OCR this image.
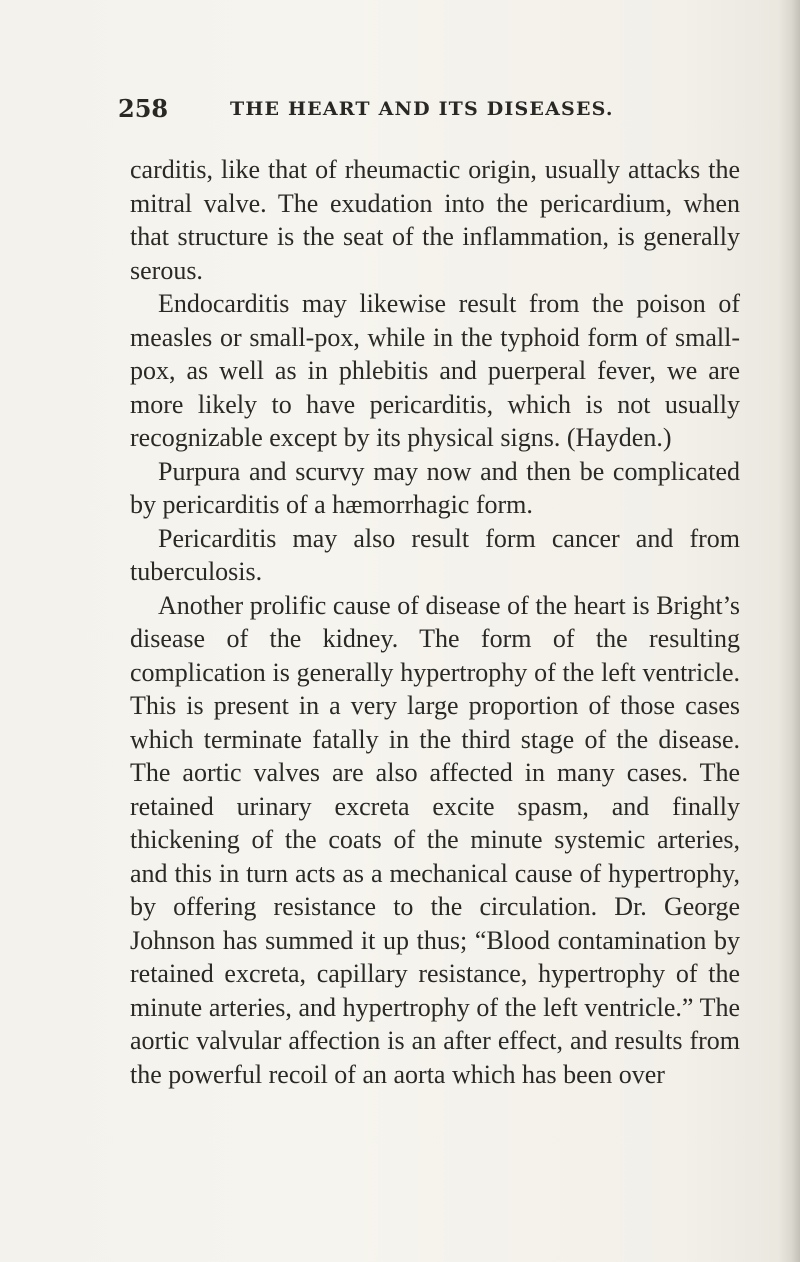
258	THE HEART AND ITS DISEASES.

carditis, like that of rheumactic origin, usually attacks the mitral valve. The exudation into the pericardium, when that structure is the seat of the inflammation, is generally serous.

Endocarditis may likewise result from the poison of measles or small-pox, while in the typhoid form of small-pox, as well as in phlebitis and puerperal fever, we are more likely to have pericarditis, which is not usually recognizable except by its physical signs. (Hayden.)

Purpura and scurvy may now and then be complicated by pericarditis of a hæmorrhagic form.

Pericarditis may also result form cancer and from tuberculosis.

Another prolific cause of disease of the heart is Bright’s disease of the kidney. The form of the resulting complication is generally hypertrophy of the left ventricle. This is present in a very large proportion of those cases which terminate fatally in the third stage of the disease. The aortic valves are also affected in many cases. The retained urinary excreta excite spasm, and finally thickening of the coats of the minute systemic arteries, and this in turn acts as a mechanical cause of hypertrophy, by offering resistance to the circulation. Dr. George Johnson has summed it up thus; “Blood contamination by retained excreta, capillary resistance, hypertrophy of the minute arteries, and hypertrophy of the left ventricle.” The aortic valvular affection is an after effect, and results from the powerful recoil of an aorta which has been over
